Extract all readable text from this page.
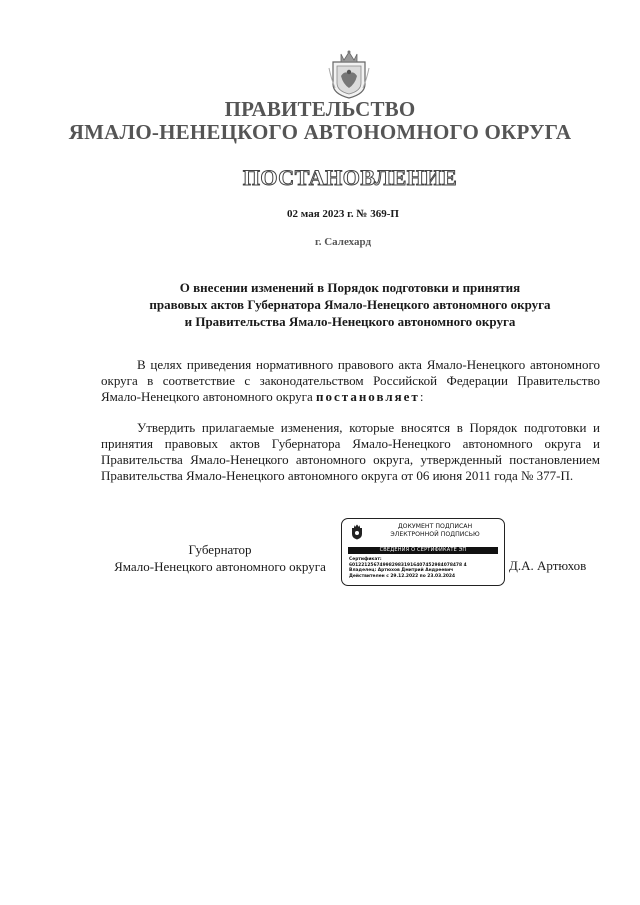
ПРАВИТЕЛЬСТВО
ЯМАЛО-НЕНЕЦКОГО АВТОНОМНОГО ОКРУГА
ПОСТАНОВЛЕНИЕ
02 мая 2023 г. № 369-П
г. Салехард
О внесении изменений в Порядок подготовки и принятия
правовых актов Губернатора Ямало-Ненецкого автономного округа
и Правительства Ямало-Ненецкого автономного округа
В целях приведения нормативного правового акта Ямало-Ненецкого автономного округа в соответствие с законодательством Российской Федерации Правительство Ямало-Ненецкого автономного округа постановляет:
Утвердить прилагаемые изменения, которые вносятся в Порядок подготовки и принятия правовых актов Губернатора Ямало-Ненецкого автономного округа и Правительства Ямало-Ненецкого автономного округа, утвержденный постановлением Правительства Ямало-Ненецкого автономного округа от 06 июня 2011 года № 377-П.
Губернатор
Ямало-Ненецкого автономного округа
ДОКУМЕНТ ПОДПИСАН
ЭЛЕКТРОННОЙ ПОДПИСЬЮ
СВЕДЕНИЯ О СЕРТИФИКАТЕ ЭП
Сертификат:
6012212567499829831916407452984078478 4
Владелец: Артюхов Дмитрий Андреевич
Действителен с 29.12.2022 по 23.03.2024
Д.А. Артюхов
